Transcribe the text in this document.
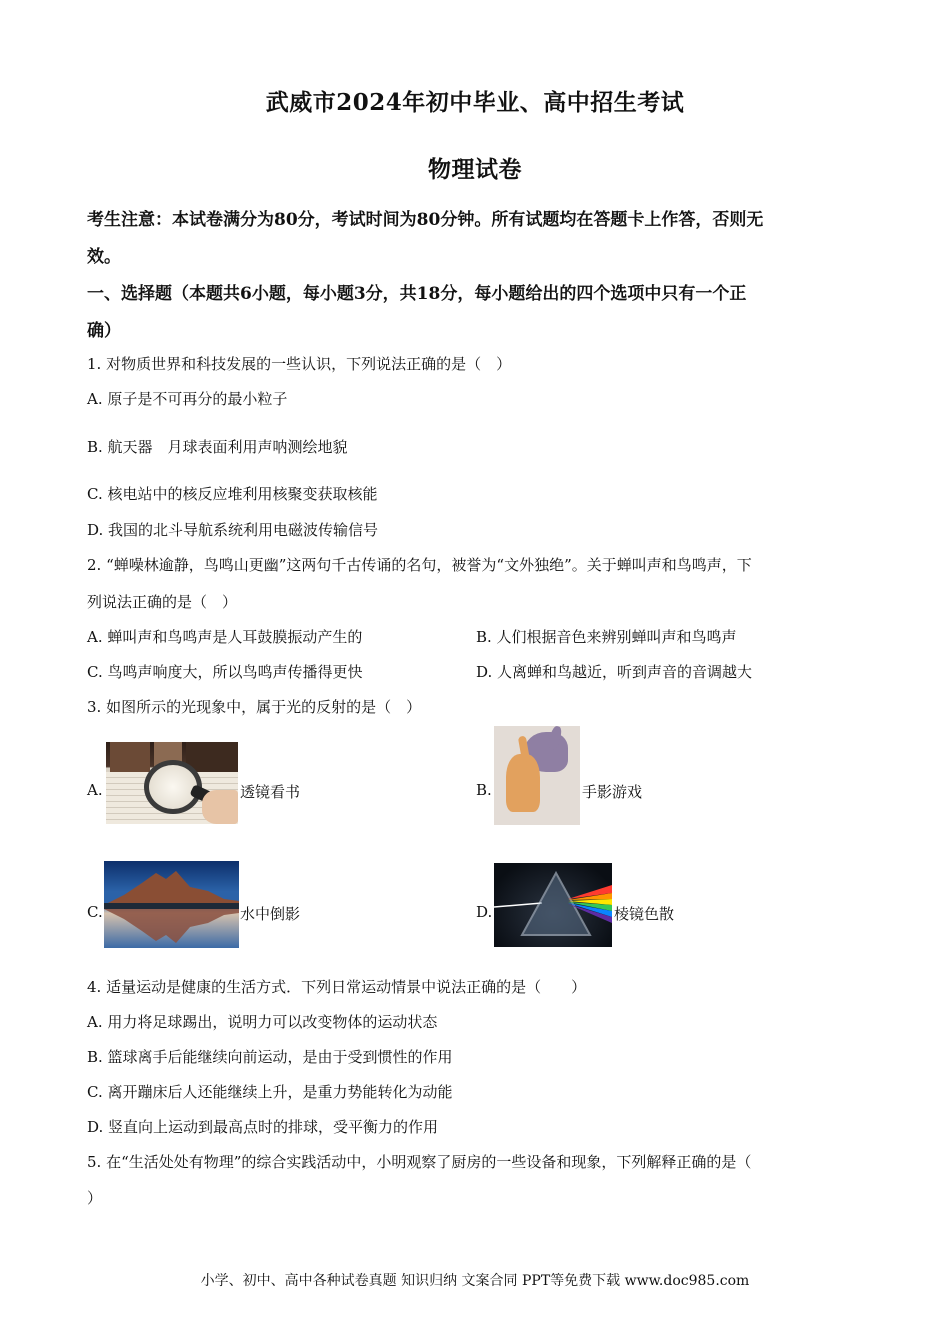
武威市2024年初中毕业、高中招生考试
物理试卷
考生注意：本试卷满分为80分，考试时间为80分钟。所有试题均在答题卡上作答，否则无
效。
一、选择题（本题共6小题，每小题3分，共18分，每小题给出的四个选项中只有一个正
确）
1. 对物质世界和科技发展的一些认识，下列说法正确的是（　）
A. 原子是不可再分的最小粒子
B. 航天器　月球表面利用声呐测绘地貌
C. 核电站中的核反应堆利用核聚变获取核能
D. 我国的北斗导航系统利用电磁波传输信号
2. “蝉噪林逾静，鸟鸣山更幽”这两句千古传诵的名句，被誉为“文外独绝”。关于蝉叫声和鸟鸣声，下
列说法正确的是（　）
A. 蝉叫声和鸟鸣声是人耳鼓膜振动产生的	B. 人们根据音色来辨别蝉叫声和鸟鸣声
C. 鸟鸣声响度大，所以鸟鸣声传播得更快	D. 人离蝉和鸟越近，听到声音的音调越大
3. 如图所示的光现象中，属于光的反射的是（　）
A.	透镜看书	B.	手影游戏
C.	水中倒影	D.	棱镜色散
4. 适量运动是健康的生活方式．下列日常运动情景中说法正确的是（　　）
A. 用力将足球踢出，说明力可以改变物体的运动状态
B. 篮球离手后能继续向前运动，是由于受到惯性的作用
C. 离开蹦床后人还能继续上升，是重力势能转化为动能
D. 竖直向上运动到最高点时的排球，受平衡力的作用
5. 在“生活处处有物理”的综合实践活动中，小明观察了厨房的一些设备和现象，下列解释正确的是（
）
小学、初中、高中各种试卷真题 知识归纳 文案合同 PPT等免费下载 www.doc985.com
